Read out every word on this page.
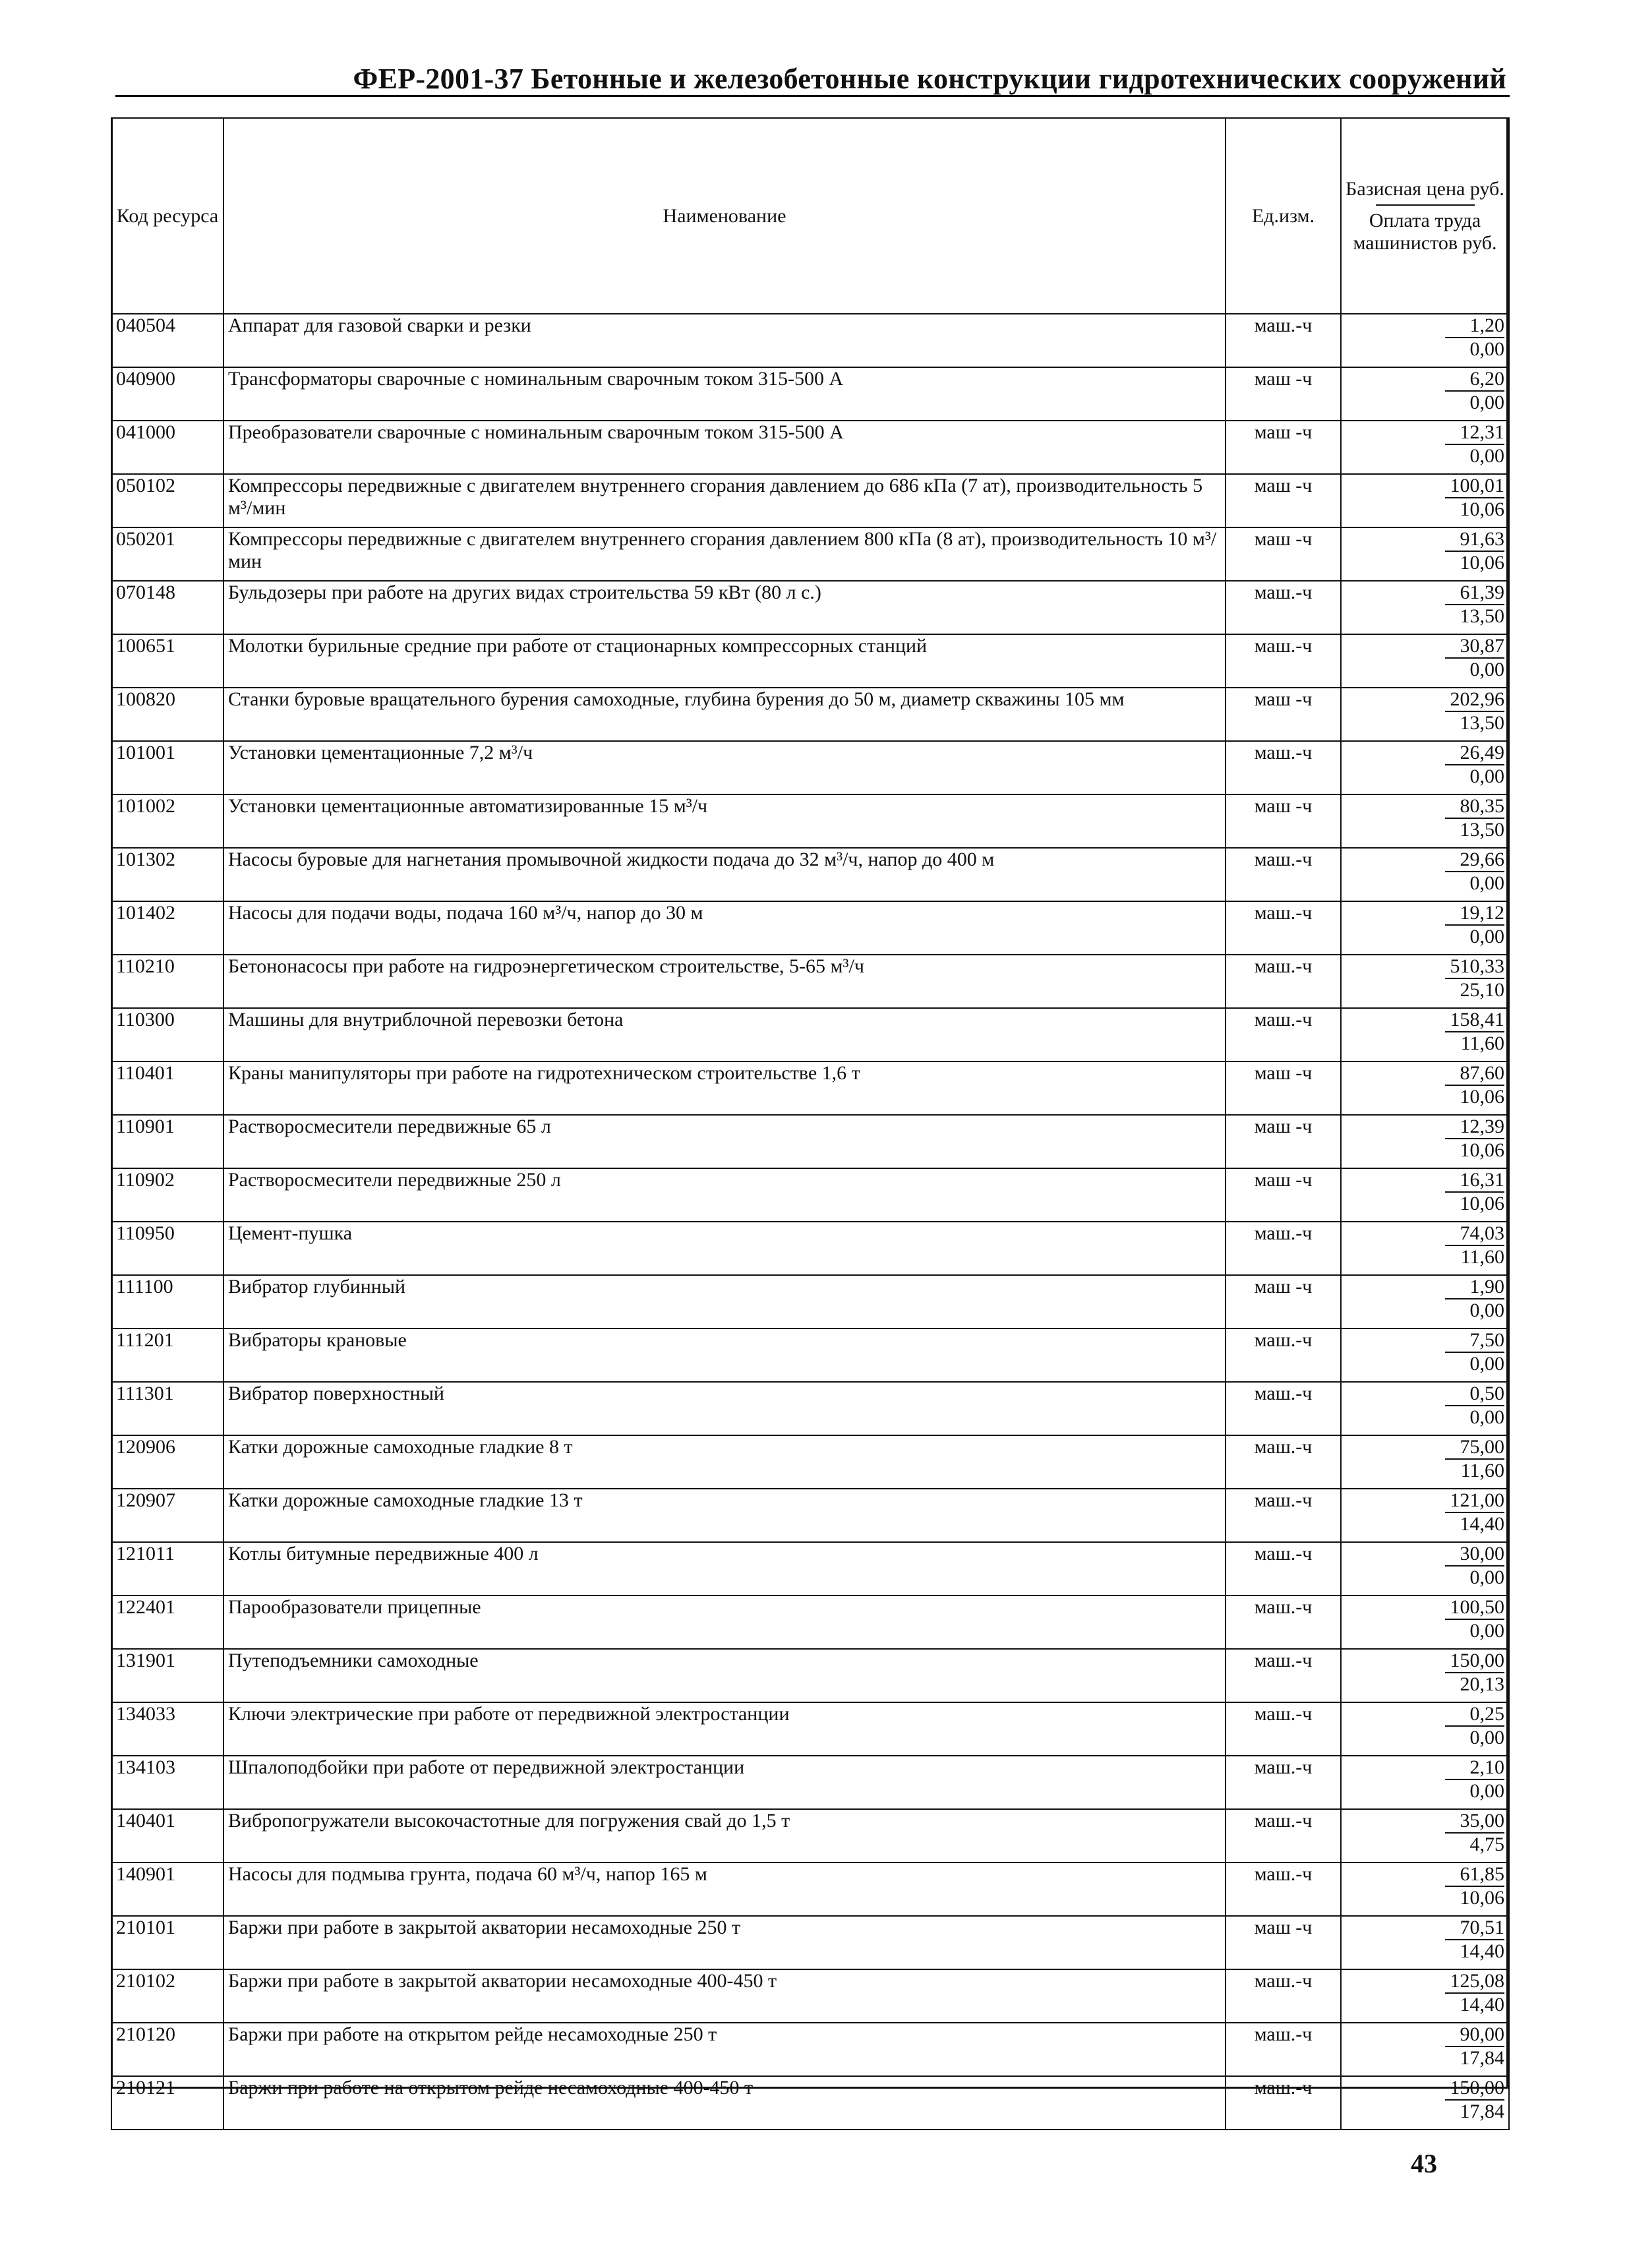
ФЕР-2001-37 Бетонные и железобетонные конструкции гидротехнических сооружений
Код ресурса	Наименование	Ед.изм.	Базисная цена руб.
Оплата труда машинистов руб.

040504	Аппарат для газовой сварки и резки	маш.-ч	1,20
0,00

040900	Трансформаторы сварочные с номинальным сварочным током 315-500 А	маш -ч	6,20
0,00

041000	Преобразователи сварочные с номинальным сварочным током 315-500 А	маш -ч	12,31
0,00

050102	Компрессоры передвижные с двигателем внутреннего сгорания давлением до 686 кПа (7 ат), производительность 5 м³/мин	маш -ч	100,01
10,06

050201	Компрессоры передвижные с двигателем внутреннего сгорания давлением 800 кПа (8 ат), производительность 10 м³/мин	маш -ч	91,63
10,06

070148	Бульдозеры при работе на других видах строительства 59 кВт (80 л с.)	маш.-ч	61,39
13,50

100651	Молотки бурильные средние при работе от стационарных компрессорных станций	маш.-ч	30,87
0,00

100820	Станки буровые вращательного бурения самоходные, глубина бурения до 50 м, диаметр скважины 105 мм	маш -ч	202,96
13,50

101001	Установки цементационные 7,2 м³/ч	маш.-ч	26,49
0,00

101002	Установки цементационные автоматизированные 15 м³/ч	маш -ч	80,35
13,50

101302	Насосы буровые для нагнетания промывочной жидкости подача до 32 м³/ч, напор до 400 м	маш.-ч	29,66
0,00

101402	Насосы для подачи воды, подача 160 м³/ч, напор до 30 м	маш.-ч	19,12
0,00

110210	Бетононасосы при работе на гидроэнергетическом строительстве, 5-65 м³/ч	маш.-ч	510,33
25,10

110300	Машины для внутриблочной перевозки бетона	маш.-ч	158,41
11,60

110401	Краны манипуляторы при работе на гидротехническом строительстве 1,6 т	маш -ч	87,60
10,06

110901	Растворосмесители передвижные 65 л	маш -ч	12,39
10,06

110902	Растворосмесители передвижные 250 л	маш -ч	16,31
10,06

110950	Цемент-пушка	маш.-ч	74,03
11,60

111100	Вибратор глубинный	маш -ч	1,90
0,00

111201	Вибраторы крановые	маш.-ч	7,50
0,00

111301	Вибратор поверхностный	маш.-ч	0,50
0,00

120906	Катки дорожные самоходные гладкие 8 т	маш.-ч	75,00
11,60

120907	Катки дорожные самоходные гладкие 13 т	маш.-ч	121,00
14,40

121011	Котлы битумные передвижные 400 л	маш.-ч	30,00
0,00

122401	Парообразователи прицепные	маш.-ч	100,50
0,00

131901	Путеподъемники самоходные	маш.-ч	150,00
20,13

134033	Ключи электрические при работе от передвижной электростанции	маш.-ч	0,25
0,00

134103	Шпалоподбойки при работе от передвижной электростанции	маш.-ч	2,10
0,00

140401	Вибропогружатели высокочастотные для погружения свай до 1,5 т	маш.-ч	35,00
4,75

140901	Насосы для подмыва грунта, подача 60 м³/ч, напор 165 м	маш.-ч	61,85
10,06

210101	Баржи при работе в закрытой акватории несамоходные 250 т	маш -ч	70,51
14,40

210102	Баржи при работе в закрытой акватории несамоходные 400-450 т	маш.-ч	125,08
14,40

210120	Баржи при работе на открытом рейде несамоходные 250 т	маш.-ч	90,00
17,84

210121	Баржи при работе на открытом рейде несамоходные 400-450 т	маш.-ч	150,00
17,84
43
